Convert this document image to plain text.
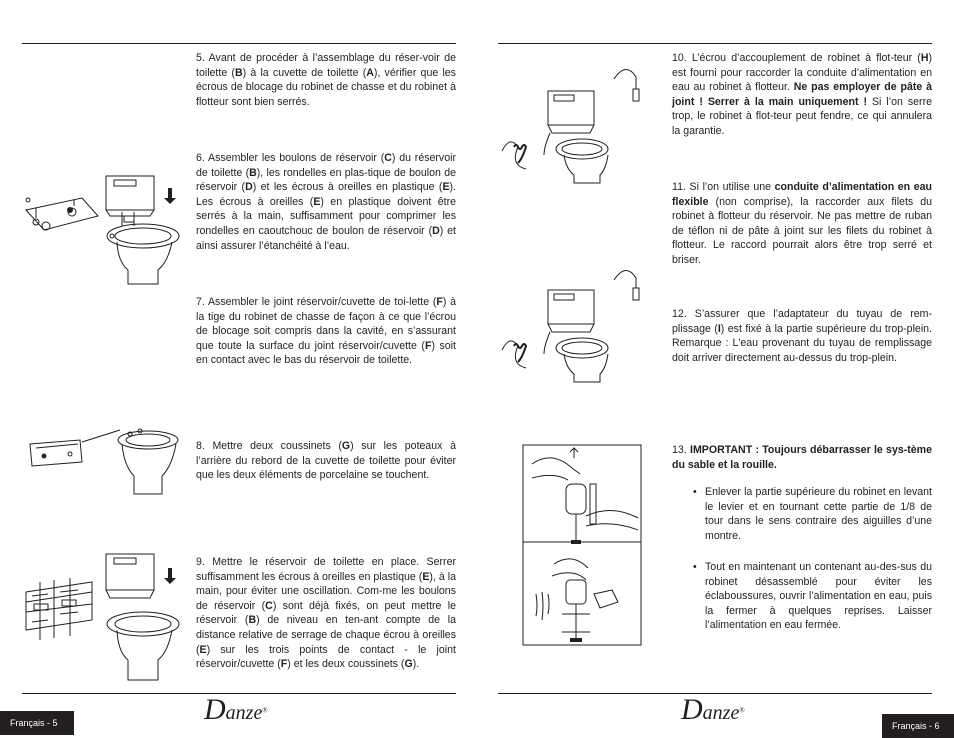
5. Avant de procéder à l’assemblage du réser-voir de toilette (B) à la cuvette de toilette (A), vérifier que les écrous de blocage du robinet de chasse et du robinet à flotteur sont bien serrés.

6. Assembler les boulons de réservoir (C) du réservoir de toilette (B), les rondelles en plas-tique de boulon de réservoir (D) et les écrous à oreilles en plastique (E). Les écrous à oreilles (E) en plastique doivent être serrés à la main, suffisamment pour comprimer les rondelles en caoutchouc de boulon de réservoir (D) et ainsi assurer l’étanchéité à l’eau.

7. Assembler le joint réservoir/cuvette de toi-lette (F) à la tige du robinet de chasse de façon à ce que l’écrou de blocage soit compris dans la cavité, en s’assurant que toute la surface du joint réservoir/cuvette (F) soit en contact avec le bas du réservoir de toilette.

8. Mettre deux coussinets (G) sur les poteaux à l’arrière du rebord de la cuvette de toilette pour éviter que les deux éléments de porcelaine se touchent.

9. Mettre le réservoir de toilette en place. Serrer suffisamment les écrous à oreilles en plastique (E), à la main, pour éviter une oscillation. Com-me les boulons de réservoir (C) sont déjà fixés, on peut mettre le réservoir (B) de niveau en ten-ant compte de la distance relative de serrage de chaque écrou à oreilles (E) sur les trois points de contact - le joint réservoir/cuvette (F) et les deux coussinets (G).

10. L’écrou d’accouplement de robinet à flot-teur (H) est fourni pour raccorder la conduite d’alimentation en eau au robinet à flotteur. Ne pas employer de pâte à joint ! Serrer à la main uniquement ! Si l’on serre trop, le robinet à flot-teur peut fendre, ce qui annulera la garantie.

11. Si l’on utilise une conduite d’alimentation en eau flexible (non comprise), la raccorder aux filets du robinet à flotteur du réservoir. Ne pas mettre de ruban de téflon ni de pâte à joint sur les filets du robinet à flotteur. Le raccord pourrait alors être trop serré et briser.

12. S’assurer que l’adaptateur du tuyau de rem-plissage (I) est fixé à la partie supérieure du trop-plein. Remarque : L'eau provenant du tuyau de remplissage doit arriver directement au-dessus du trop-plein.

13. IMPORTANT : Toujours débarrasser le sys-tème du sable et la rouille.

• Enlever la partie supérieure du robinet en levant le levier et en tournant cette partie de 1/8 de tour dans le sens contraire des aiguilles d’une montre.
• Tout en maintenant un contenant au-des-sus du robinet désassemblé pour éviter les éclaboussures, ouvrir l’alimentation en eau, puis la fermer à quelques reprises. Laisser l’alimentation en eau fermée.
Français - 5	Français - 6
Danze®	Danze®
